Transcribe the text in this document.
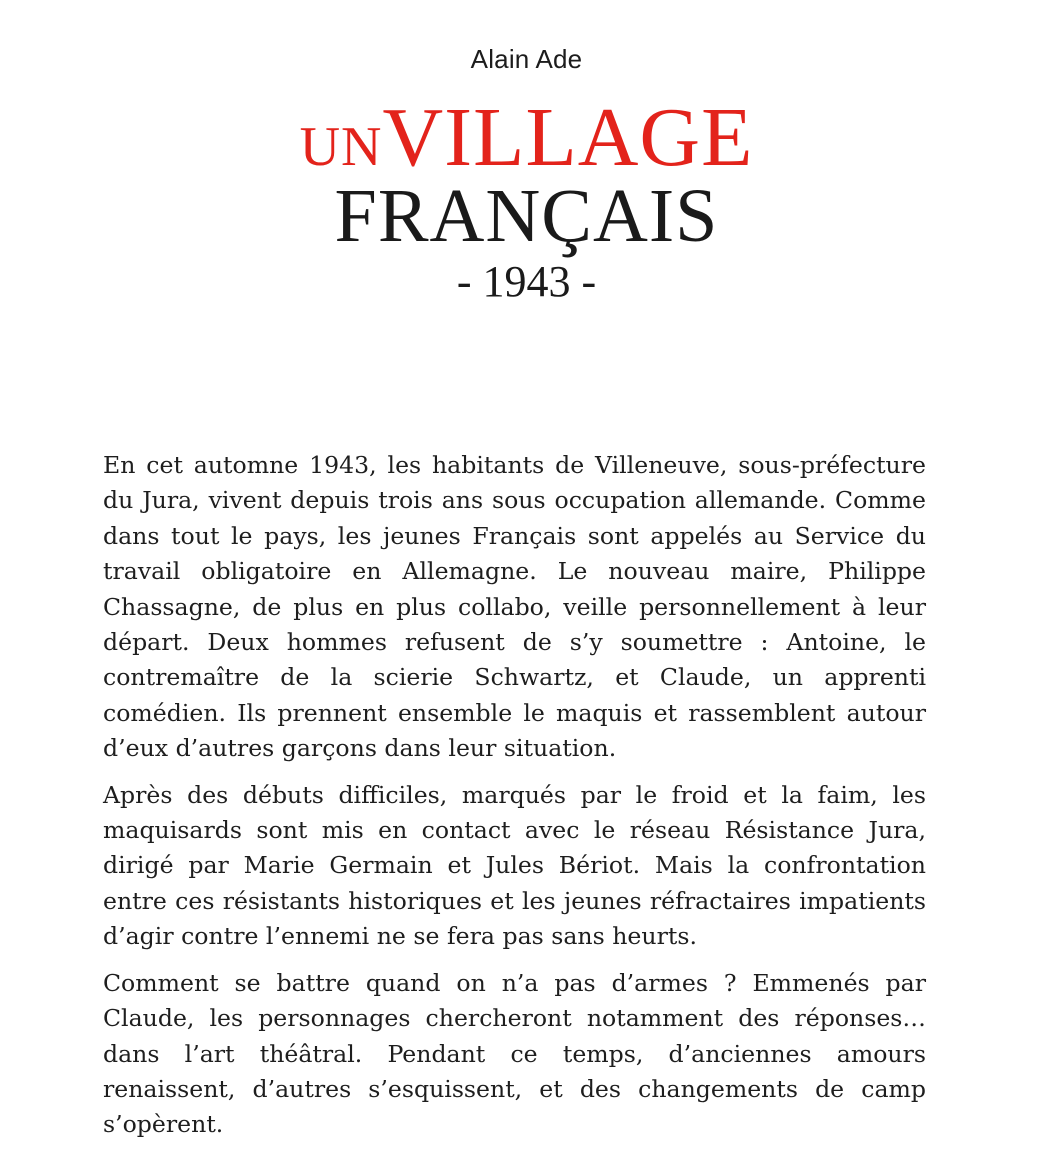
Alain Ade
UNVILLAGE
FRANÇAIS
- 1943 -

En cet automne 1943, les habitants de Villeneuve, sous-préfecture du Jura, vivent depuis trois ans sous occupation allemande. Comme dans tout le pays, les jeunes Français sont appelés au Service du travail obligatoire en Allemagne. Le nouveau maire, Philippe Chassagne, de plus en plus collabo, veille personnellement à leur départ. Deux hommes refusent de s’y soumettre : Antoine, le contremaître de la scierie Schwartz, et Claude, un apprenti comédien. Ils prennent ensemble le maquis et rassemblent autour d’eux d’autres garçons dans leur situation.

Après des débuts difficiles, marqués par le froid et la faim, les maquisards sont mis en contact avec le réseau Résistance Jura, dirigé par Marie Germain et Jules Bériot. Mais la confrontation entre ces résistants historiques et les jeunes réfractaires impatients d’agir contre l’ennemi ne se fera pas sans heurts.

Comment se battre quand on n’a pas d’armes ? Emmenés par Claude, les personnages chercheront notamment des réponses… dans l’art théâtral. Pendant ce temps, d’anciennes amours renaissent, d’autres s’esquissent, et des changements de camp s’opèrent.
